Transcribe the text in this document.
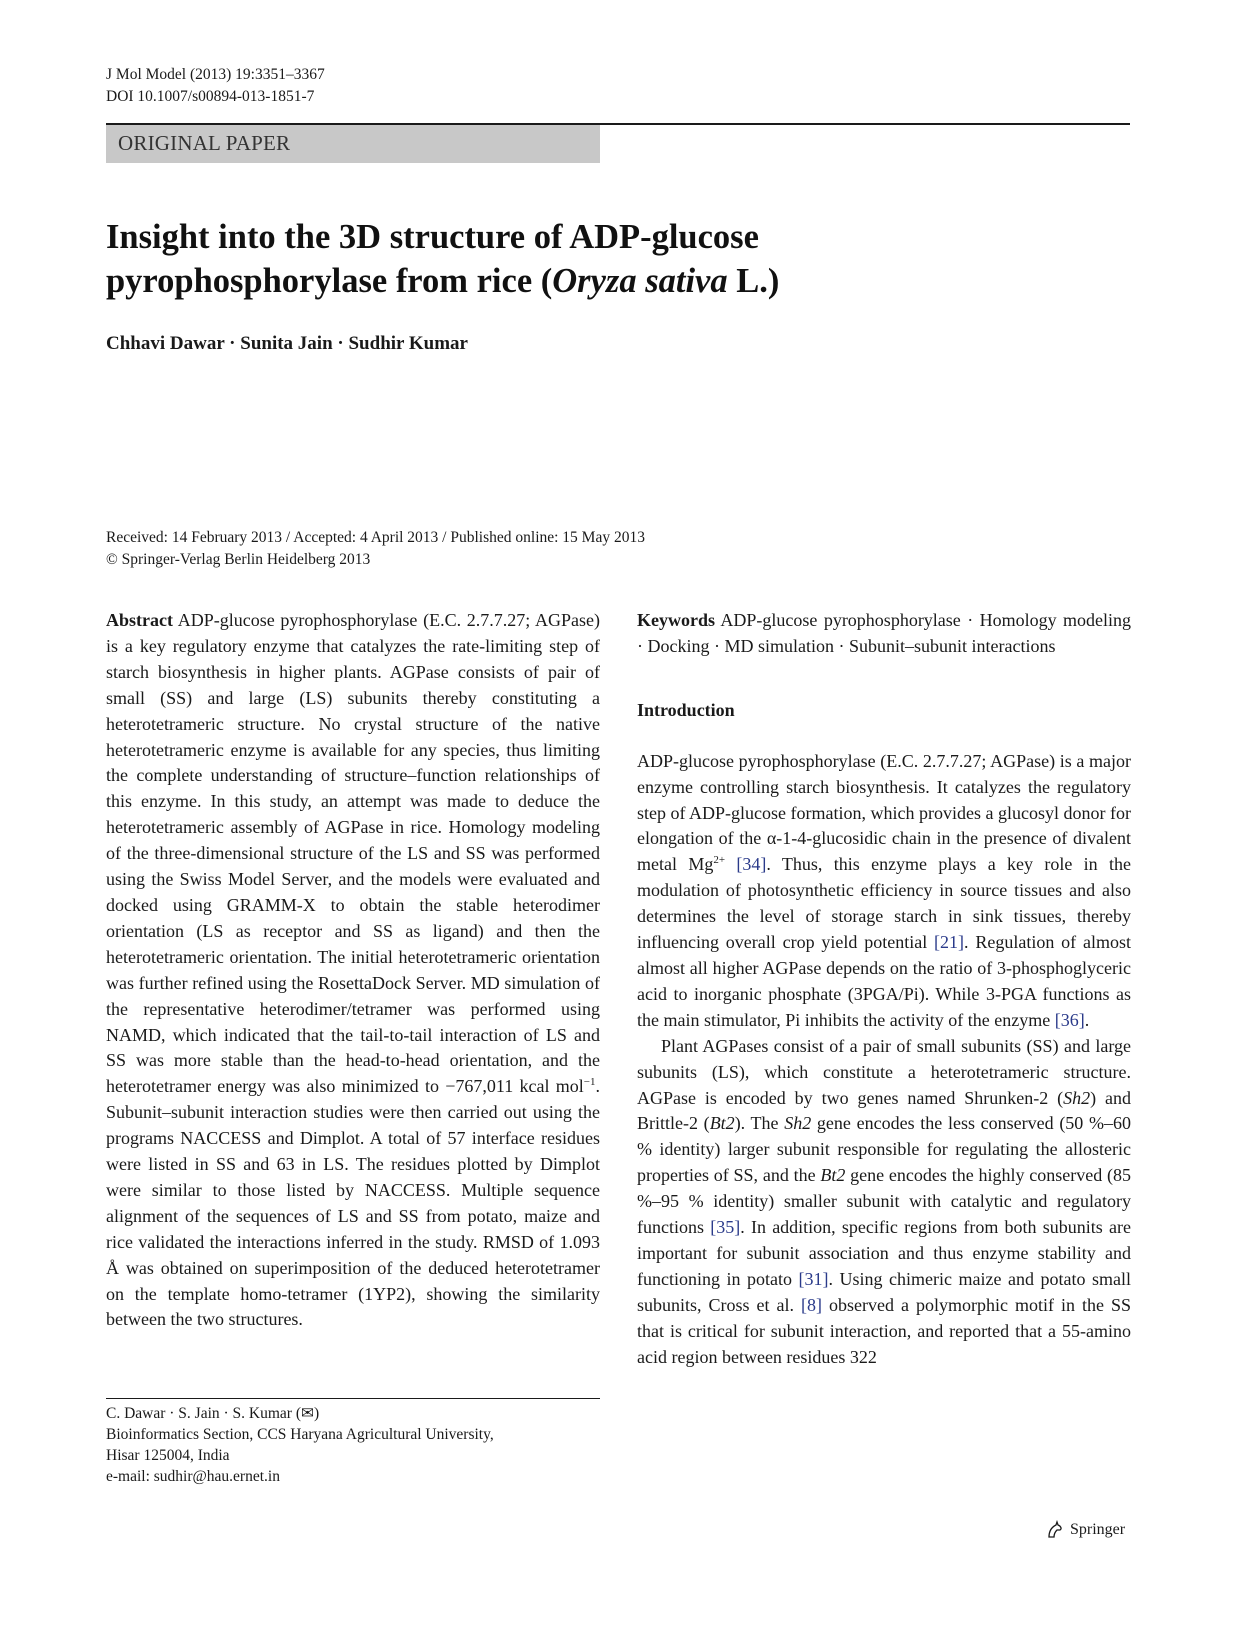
J Mol Model (2013) 19:3351–3367
DOI 10.1007/s00894-013-1851-7
ORIGINAL PAPER
Insight into the 3D structure of ADP-glucose
pyrophosphorylase from rice (Oryza sativa L.)
Chhavi Dawar · Sunita Jain · Sudhir Kumar
Received: 14 February 2013 / Accepted: 4 April 2013 / Published online: 15 May 2013
© Springer-Verlag Berlin Heidelberg 2013

Abstract ADP-glucose pyrophosphorylase (E.C. 2.7.7.27; AGPase) is a key regulatory enzyme that catalyzes the rate-limiting step of starch biosynthesis in higher plants. AGPase consists of pair of small (SS) and large (LS) subunits thereby constituting a heterotetrameric structure. No crystal structure of the native heterotetrameric enzyme is available for any species, thus limiting the complete understanding of structure–function relationships of this enzyme. In this study, an attempt was made to deduce the heterotetrameric assembly of AGPase in rice. Homology modeling of the three-dimensional structure of the LS and SS was performed using the Swiss Model Server, and the models were evaluated and docked using GRAMM-X to obtain the stable heterodimer orientation (LS as receptor and SS as ligand) and then the heterotetrameric orientation. The initial heterotetrameric orientation was further refined using the RosettaDock Server. MD simulation of the representative heterodimer/tetramer was performed using NAMD, which indicated that the tail-to-tail interaction of LS and SS was more stable than the head-to-head orientation, and the heterotetramer energy was also minimized to −767,011 kcal mol$^{-1}$. Subunit–subunit interaction studies were then carried out using the programs NACCESS and Dimplot. A total of 57 interface residues were listed in SS and 63 in LS. The residues plotted by Dimplot were similar to those listed by NACCESS. Multiple sequence alignment of the sequences of LS and SS from potato, maize and rice validated the interactions inferred in the study. RMSD of 1.093 Å was obtained on superimposition of the deduced heterotetramer on the template homo-tetramer (1YP2), showing the similarity between the two structures.

Keywords ADP-glucose pyrophosphorylase · Homology modeling · Docking · MD simulation · Subunit–subunit interactions

Introduction

ADP-glucose pyrophosphorylase (E.C. 2.7.7.27; AGPase) is a major enzyme controlling starch biosynthesis. It catalyzes the regulatory step of ADP-glucose formation, which provides a glucosyl donor for elongation of the α-1-4-glucosidic chain in the presence of divalent metal $Mg^{2+}$ [34]. Thus, this enzyme plays a key role in the modulation of photosynthetic efficiency in source tissues and also determines the level of storage starch in sink tissues, thereby influencing overall crop yield potential [21]. Regulation of almost almost all higher AGPase depends on the ratio of 3-phosphoglyceric acid to inorganic phosphate (3PGA/Pi). While 3-PGA functions as the main stimulator, Pi inhibits the activity of the enzyme [36].

Plant AGPases consist of a pair of small subunits (SS) and large subunits (LS), which constitute a heterotetrameric structure. AGPase is encoded by two genes named Shrunken-2 (Sh2) and Brittle-2 (Bt2). The Sh2 gene encodes the less conserved (50 %–60 % identity) larger subunit responsible for regulating the allosteric properties of SS, and the Bt2 gene encodes the highly conserved (85 %–95 % identity) smaller subunit with catalytic and regulatory functions [35]. In addition, specific regions from both subunits are important for subunit association and thus enzyme stability and functioning in potato [31]. Using chimeric maize and potato small subunits, Cross et al. [8] observed a polymorphic motif in the SS that is critical for subunit interaction, and reported that a 55-amino acid region between residues 322

C. Dawar · S. Jain · S. Kumar (✉)
Bioinformatics Section, CCS Haryana Agricultural University,
Hisar 125004, India
e-mail: sudhir@hau.ernet.in
Springer
